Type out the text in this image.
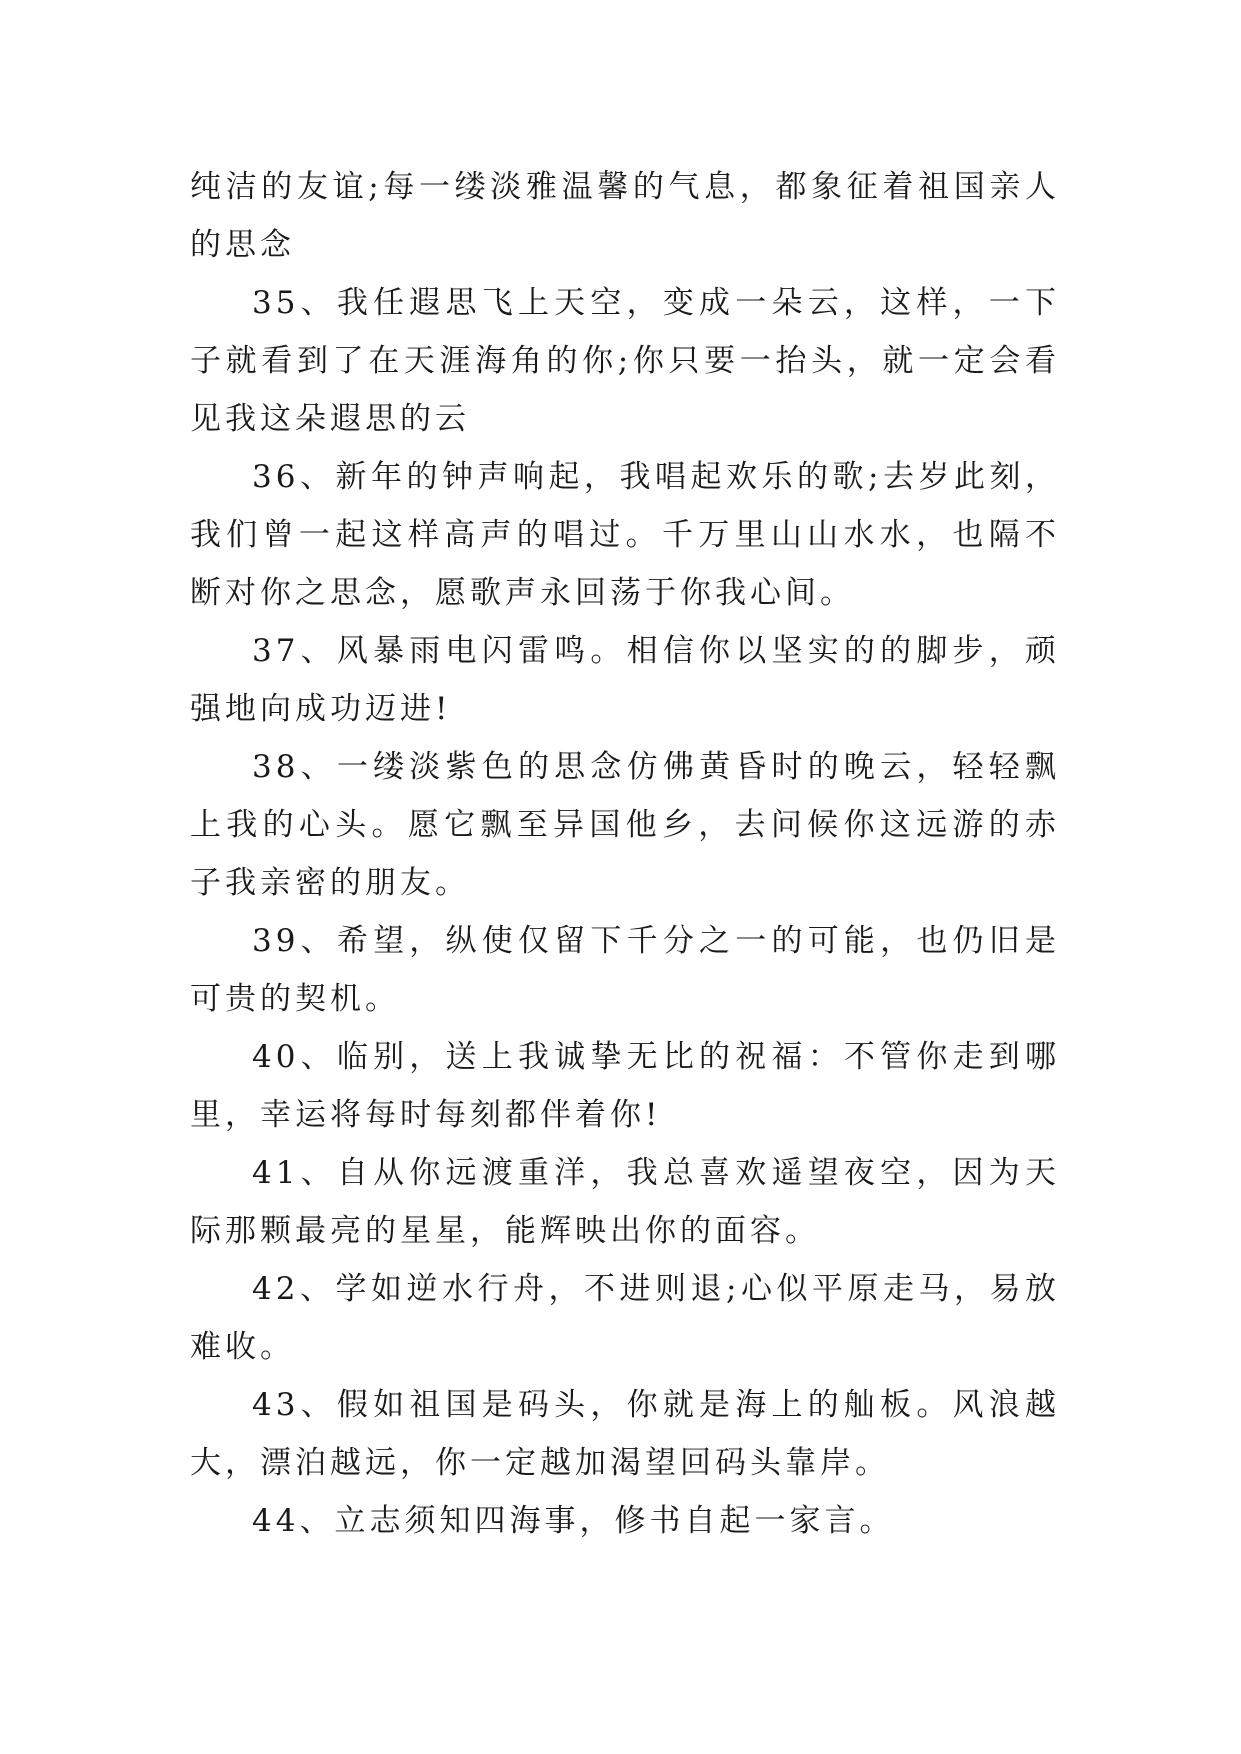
纯洁的友谊;每一缕淡雅温馨的气息，都象征着祖国亲人的思念

35、我任遐思飞上天空，变成一朵云，这样，一下子就看到了在天涯海角的你;你只要一抬头，就一定会看见我这朵遐思的云

36、新年的钟声响起，我唱起欢乐的歌;去岁此刻，我们曾一起这样高声的唱过。千万里山山水水，也隔不断对你之思念，愿歌声永回荡于你我心间。

37、风暴雨电闪雷鸣。相信你以坚实的的脚步，顽强地向成功迈进!

38、一缕淡紫色的思念仿佛黄昏时的晚云，轻轻飘上我的心头。愿它飘至异国他乡，去问候你这远游的赤子我亲密的朋友。

39、希望，纵使仅留下千分之一的可能，也仍旧是可贵的契机。

40、临别，送上我诚挚无比的祝福：不管你走到哪里，幸运将每时每刻都伴着你!

41、自从你远渡重洋，我总喜欢遥望夜空，因为天际那颗最亮的星星，能辉映出你的面容。

42、学如逆水行舟，不进则退;心似平原走马，易放难收。

43、假如祖国是码头，你就是海上的舢板。风浪越大，漂泊越远，你一定越加渴望回码头靠岸。

44、立志须知四海事，修书自起一家言。
